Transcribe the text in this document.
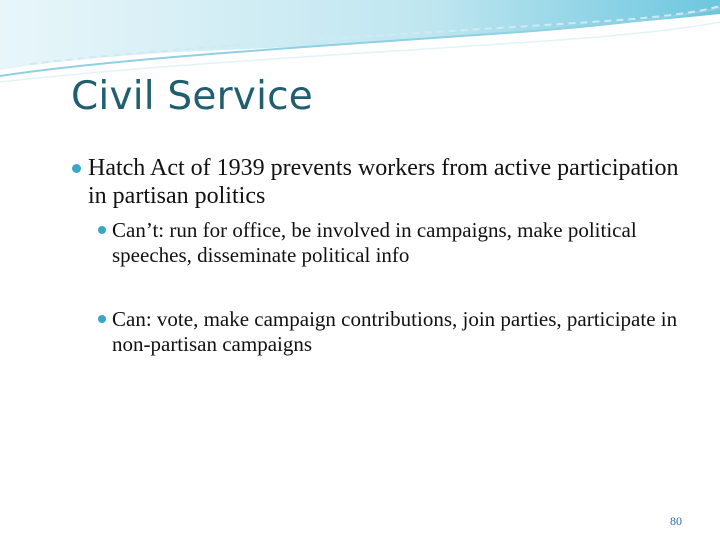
Civil Service
Hatch Act of 1939 prevents workers from active participation in partisan politics
Can’t: run for office, be involved in campaigns, make political speeches, disseminate political info
Can: vote, make campaign contributions, join parties, participate in non-partisan campaigns
80
